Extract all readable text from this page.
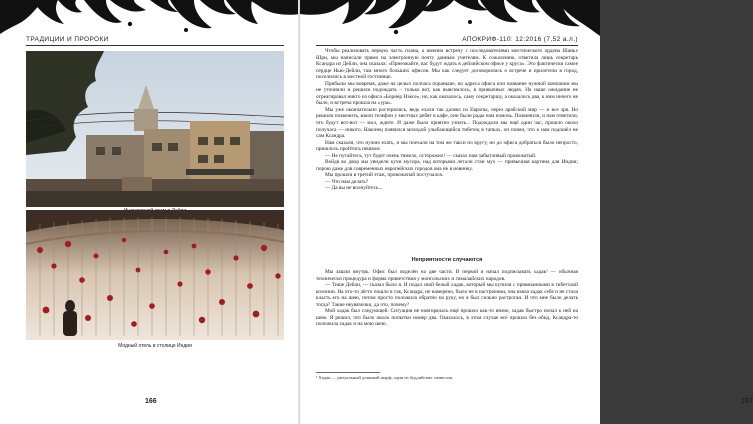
ТРАДИЦИИ И ПРОРОКИ
Модный отель в столице Индии
166
АПОКРИФ-110: 12:2016 (7,52 а.л.)

Чтобы реализовать первую часть плана, а именно встречу с последователями мистического ордена Шаньх Шри, мы написали прямо на электронную почту данным учителям. К сожалению, ответила лишь секретарь Ксандра из Дейли, она сказала: «Приезжайте, вас будут ждать в дейлийском офисе у круга». Это фактически самое сердце Нью-Дейли, там много больших офисов. Мы как следует договорились о встрече и прилетели в город, поселились в местной гостинице.

Прибыли мы вовремя, даже на целых полчаса пораньше, но адреса офиса или название нужной компании мы не уточнили и решили подождать – только вот, как выяснилось, в привычных людях. На наше ожидание не отреагировал никто из офиса «Борнер Нэксе», но, как оказалось, саму секретаршу, а оказалось два, к ним ничего не было, и встреча прошла на «ура».

Мы уже окончательно растерялись, ведь ехали так далеко из Европы, через арабский мир — и все зря. Но решили позвонить, взяли телефон у местных ребят в кафе, они были рады нам помочь. Позвонили, и нам ответили, что будут вот-вот — мол, ждите. И даже было приятно узнать... Подождали мы ещё один час, прошло около получаса — никого. Наконец появился молодой улыбающийся тибетец в тапках, он понял, что к нам подошёл не сам Ксандра.

Нам сказали, что нужно ехать, и мы поехали на том же такси по кругу, но до офиса добраться было непросто, пришлось пройтись пешком.

— Не путайтесь, тут будет очень тяжело, осторожно! — сказал нам забытливый провожатый.

Войдя во двор мы увидели кучи мусора, над которыми летали стаи мух — привычная картина для Индии; порою даже для современных европейских городов она не в новинку.

Мы прошли в третий этаж, провожатый постучался.

— Что нам делать?

— Да вы не волнуйтесь...

Неприятности случаются

Мы зашли внутрь. Офис был поделён на две части. В первой я начал подписывать хадак¹ — обычная технически процедура и форма приветствия у монгольских и гималайских народов.

— Тише Дейли, — сказал было я. И подал свой белый хадак, который мы купили с привязанными в тибетской колонии. На что-то лёгто пошло в так, Ксандра, не намерено, было не в настроении, она взяла хадак себе и не стала класть его на шею, потом просто положила обратно на руку, но я был сильно растроган. И что мне было делать тогда? Такие неувязочки, да что, почему?

Мой хадак был следующей. Ситуация не повторялась ещё прошло как-то иначе, хадак быстро попал к ней на шею. Я решил, что было около попытки номер два. Оказалось, в этом случае всё прошло без обид, Ксандра-то положила хадак и на мою шею.

¹ Хадак — ритуальный длинный шарф, один из буддийских символов.
167
